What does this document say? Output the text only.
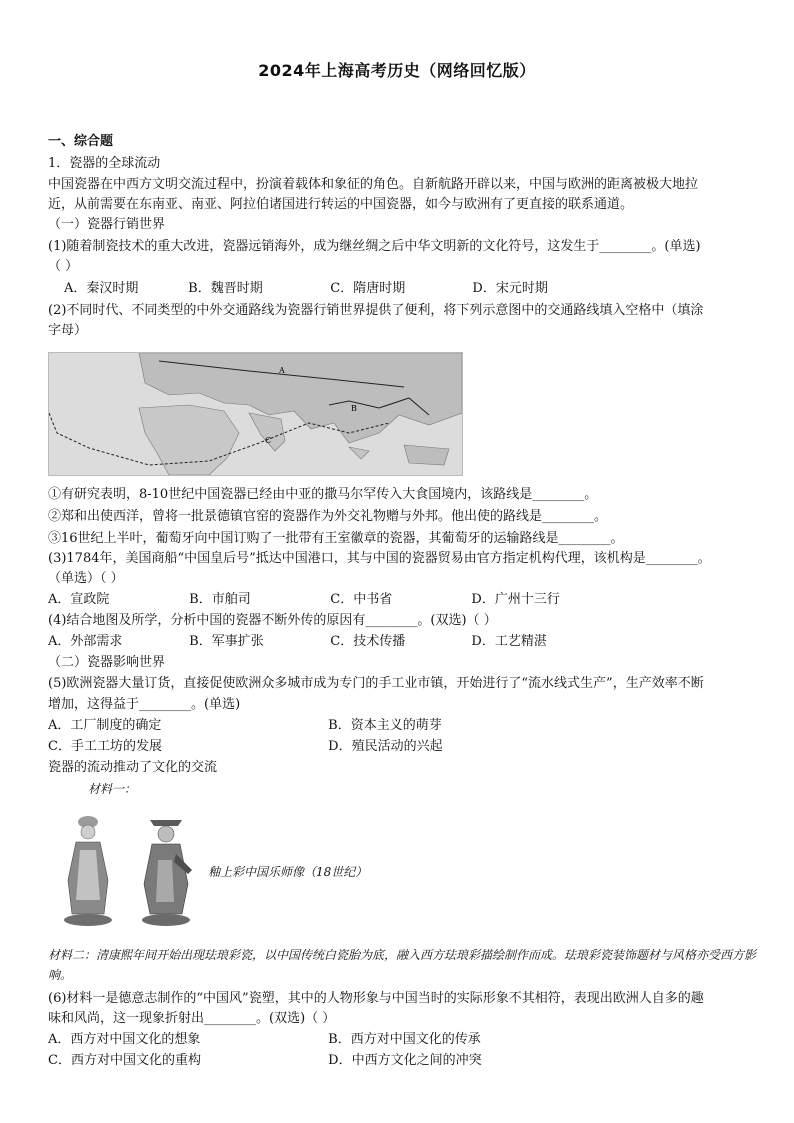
2024年上海高考历史（网络回忆版）
一、综合题
1．瓷器的全球流动
中国瓷器在中西方文明交流过程中，扮演着载体和象征的角色。自新航路开辟以来，中国与欧洲的距离被极大地拉
近，从前需要在东南亚、南亚、阿拉伯诸国进行转运的中国瓷器，如今与欧洲有了更直接的联系通道。
（一）瓷器行销世界
(1)随着制瓷技术的重大改进，瓷器远销海外，成为继丝绸之后中华文明新的文化符号，这发生于________。(单选)
（ ）
A．秦汉时期	B．魏晋时期	C．隋唐时期	D．宋元时期
(2)不同时代、不同类型的中外交通路线为瓷器行销世界提供了便利，将下列示意图中的交通路线填入空格中（填涂
字母）
A
B
C
①有研究表明，8-10世纪中国瓷器已经由中亚的撒马尔罕传入大食国境内，该路线是________。
②郑和出使西洋，曾将一批景德镇官窑的瓷器作为外交礼物赠与外邦。他出使的路线是________。
③16世纪上半叶，葡萄牙向中国订购了一批带有王室徽章的瓷器，其葡萄牙的运输路线是________。
(3)1784年，美国商船“中国皇后号”抵达中国港口，其与中国的瓷器贸易由官方指定机构代理，该机构是________。
（单选）（ ）
A．宣政院	B．市舶司	C．中书省	D．广州十三行
(4)结合地图及所学，分析中国的瓷器不断外传的原因有________。(双选)（ ）
A．外部需求	B．军事扩张	C．技术传播	D．工艺精湛
（二）瓷器影响世界
(5)欧洲瓷器大量订货，直接促使欧洲众多城市成为专门的手工业市镇，开始进行了“流水线式生产”，生产效率不断
增加，这得益于________。(单选)
A．工厂制度的确定	B．资本主义的萌芽
C．手工工坊的发展	D．殖民活动的兴起
瓷器的流动推动了文化的交流
材料一：
釉上彩中国乐师像（18世纪）
材料二：清康熙年间开始出现珐琅彩瓷，以中国传统白瓷胎为底，融入西方珐琅彩描绘制作而成。珐琅彩瓷装饰题材与风格亦受西方影响。
(6)材料一是德意志制作的“中国风”瓷塑，其中的人物形象与中国当时的实际形象不其相符，表现出欧洲人自多的趣
味和风尚，这一现象折射出________。(双选)（ ）
A．西方对中国文化的想象	B．西方对中国文化的传承
C．西方对中国文化的重构	D．中西方文化之间的冲突
